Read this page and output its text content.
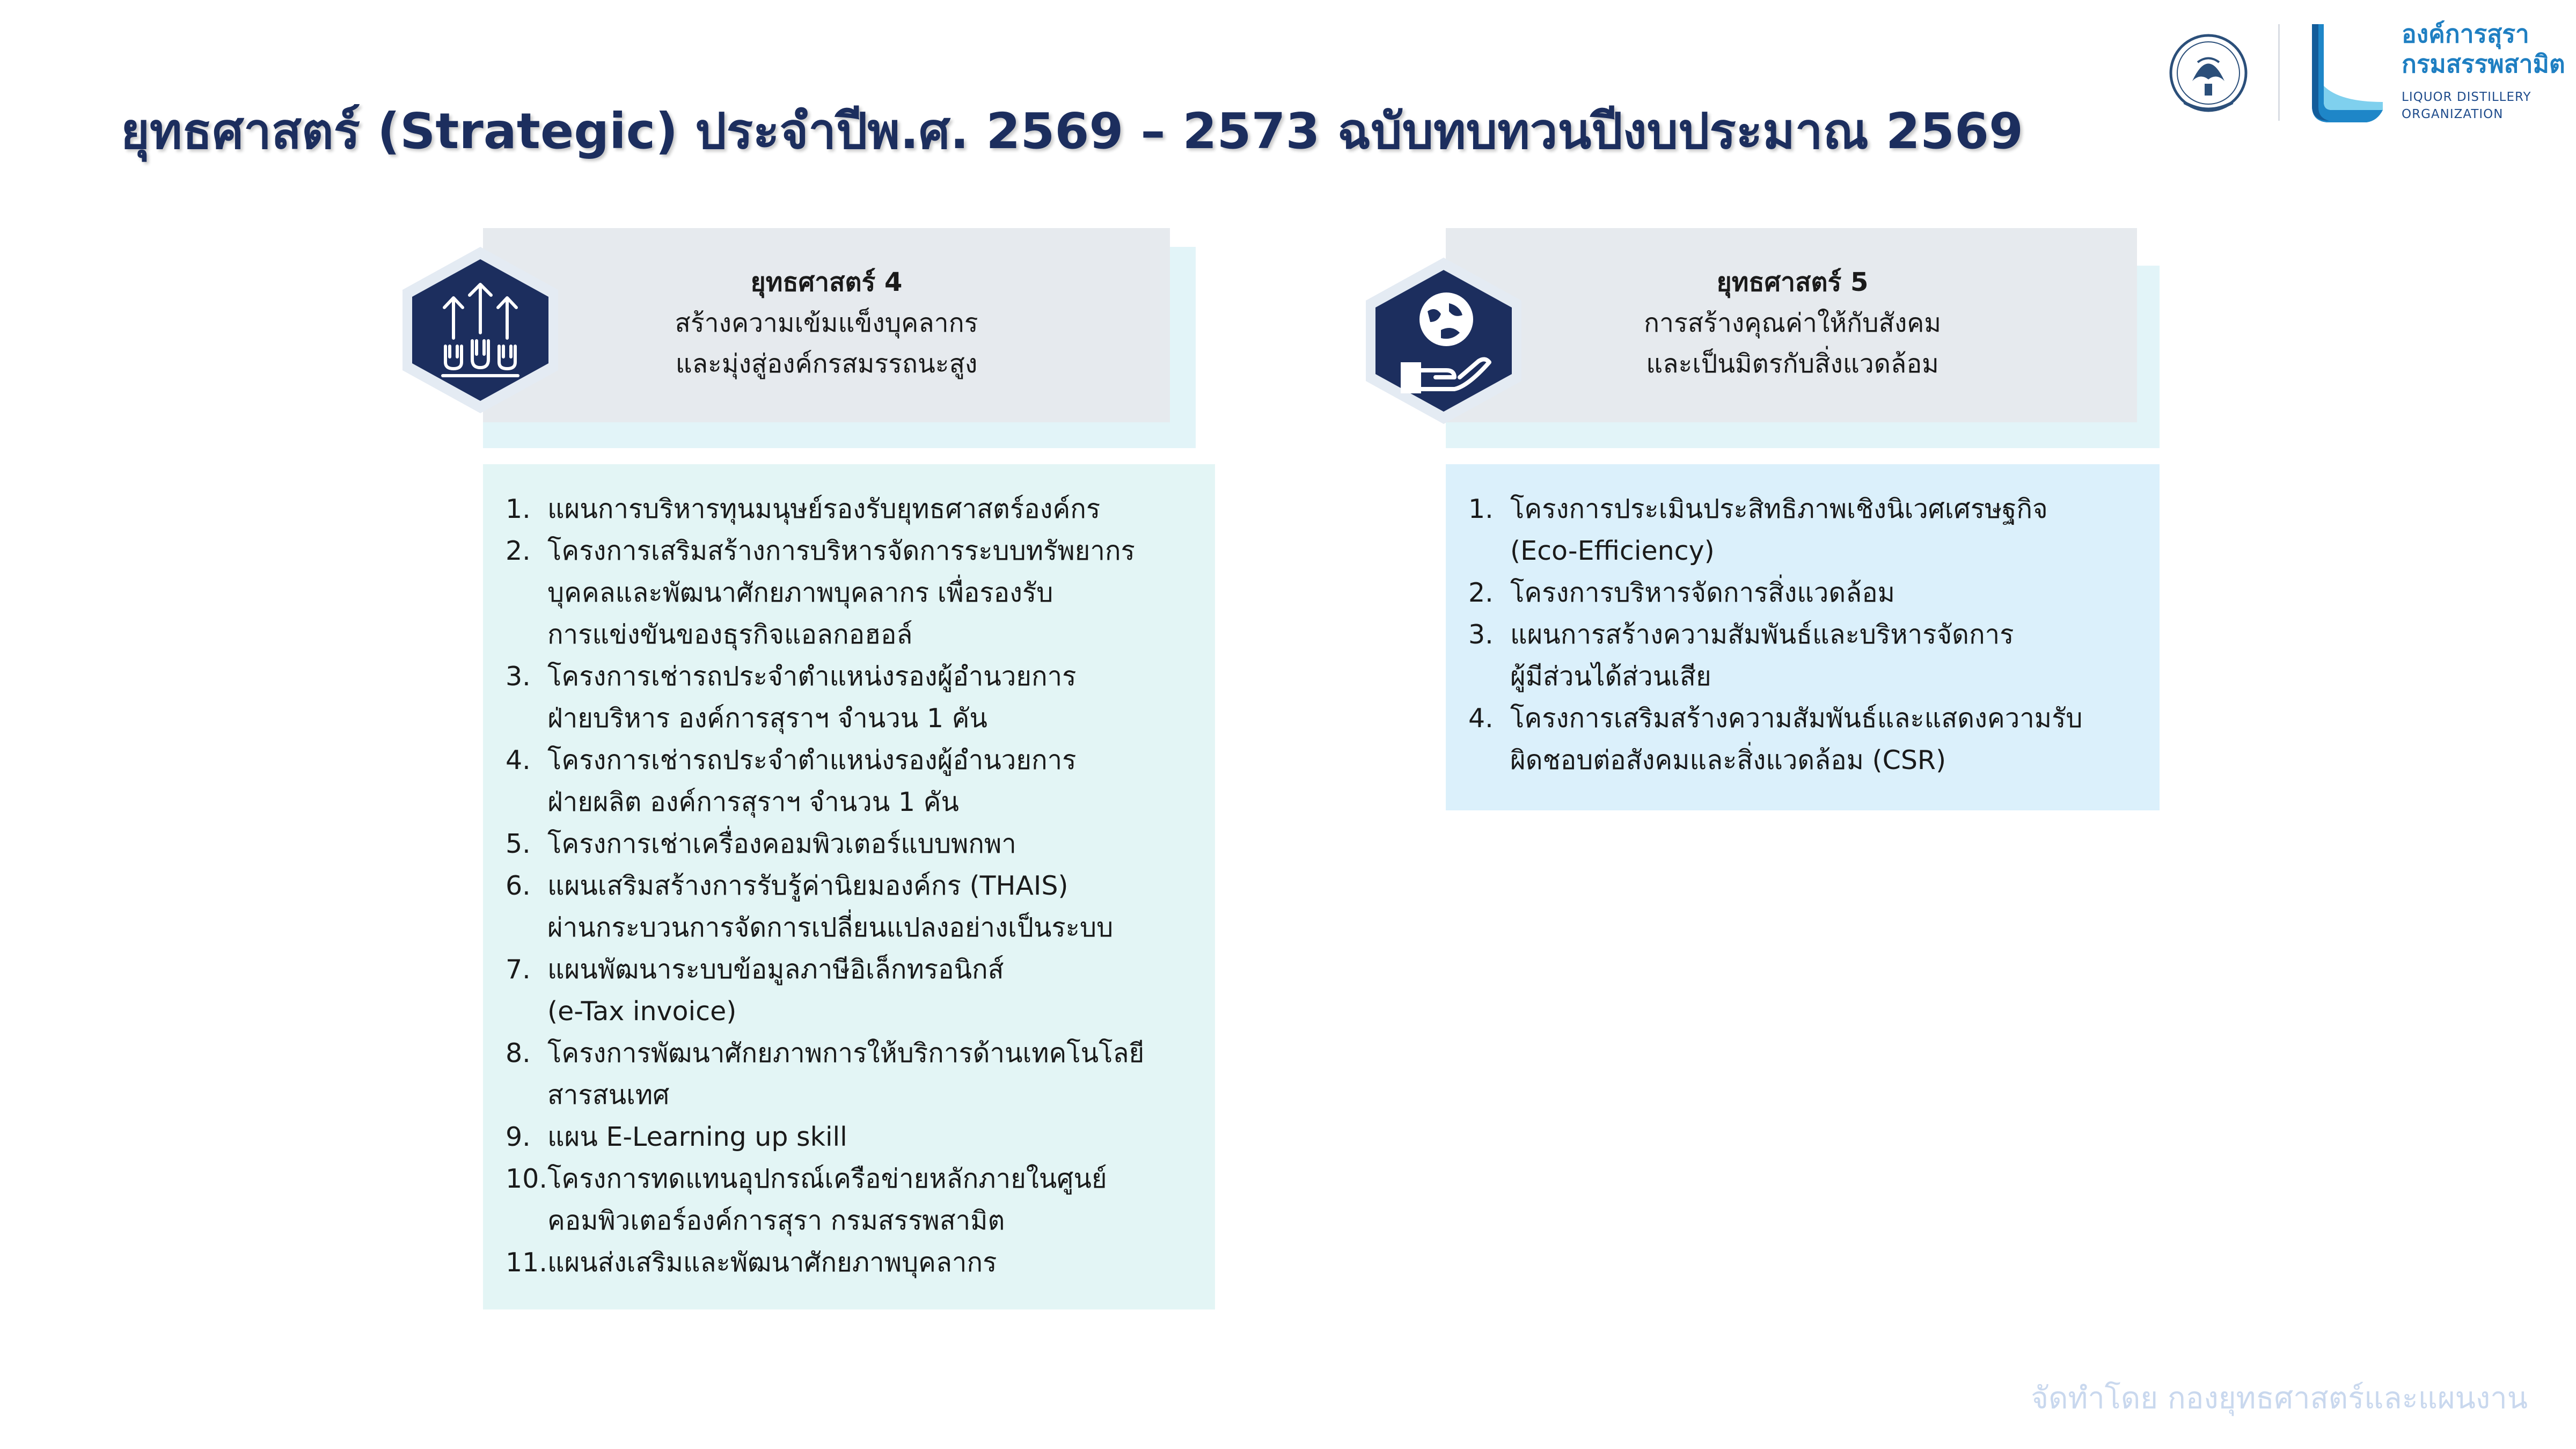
ยุทธศาสตร์ (Strategic) ประจำปีพ.ศ. 2569 – 2573 ฉบับทบทวนปีงบประมาณ 2569
องค์การสุรา
กรมสรรพสามิต
LIQUOR DISTILLERY
ORGANIZATION
ยุทธศาสตร์ 4
สร้างความเข้มแข็งบุคลากร
และมุ่งสู่องค์กรสมรรถนะสูง
1. แผนการบริหารทุนมนุษย์รองรับยุทธศาสตร์องค์กร
2. โครงการเสริมสร้างการบริหารจัดการระบบทรัพยากร
บุคคลและพัฒนาศักยภาพบุคลากร เพื่อรองรับ
การแข่งขันของธุรกิจแอลกอฮอล์
3. โครงการเช่ารถประจำตำแหน่งรองผู้อำนวยการ
ฝ่ายบริหาร องค์การสุราฯ จำนวน 1 คัน
4. โครงการเช่ารถประจำตำแหน่งรองผู้อำนวยการ
ฝ่ายผลิต องค์การสุราฯ จำนวน 1 คัน
5. โครงการเช่าเครื่องคอมพิวเตอร์แบบพกพา
6. แผนเสริมสร้างการรับรู้ค่านิยมองค์กร (THAIS)
ผ่านกระบวนการจัดการเปลี่ยนแปลงอย่างเป็นระบบ
7. แผนพัฒนาระบบข้อมูลภาษีอิเล็กทรอนิกส์
(e-Tax invoice)
8. โครงการพัฒนาศักยภาพการให้บริการด้านเทคโนโลยี
สารสนเทศ
9. แผน E-Learning up skill
10. โครงการทดแทนอุปกรณ์เครือข่ายหลักภายในศูนย์
คอมพิวเตอร์องค์การสุรา กรมสรรพสามิต
11. แผนส่งเสริมและพัฒนาศักยภาพบุคลากร
ยุทธศาสตร์ 5
การสร้างคุณค่าให้กับสังคม
และเป็นมิตรกับสิ่งแวดล้อม
1. โครงการประเมินประสิทธิภาพเชิงนิเวศเศรษฐกิจ
(Eco-Efficiency)
2. โครงการบริหารจัดการสิ่งแวดล้อม
3. แผนการสร้างความสัมพันธ์และบริหารจัดการ
ผู้มีส่วนได้ส่วนเสีย
4. โครงการเสริมสร้างความสัมพันธ์และแสดงความรับ
ผิดชอบต่อสังคมและสิ่งแวดล้อม (CSR)
จัดทำโดย กองยุทธศาสตร์และแผนงาน
